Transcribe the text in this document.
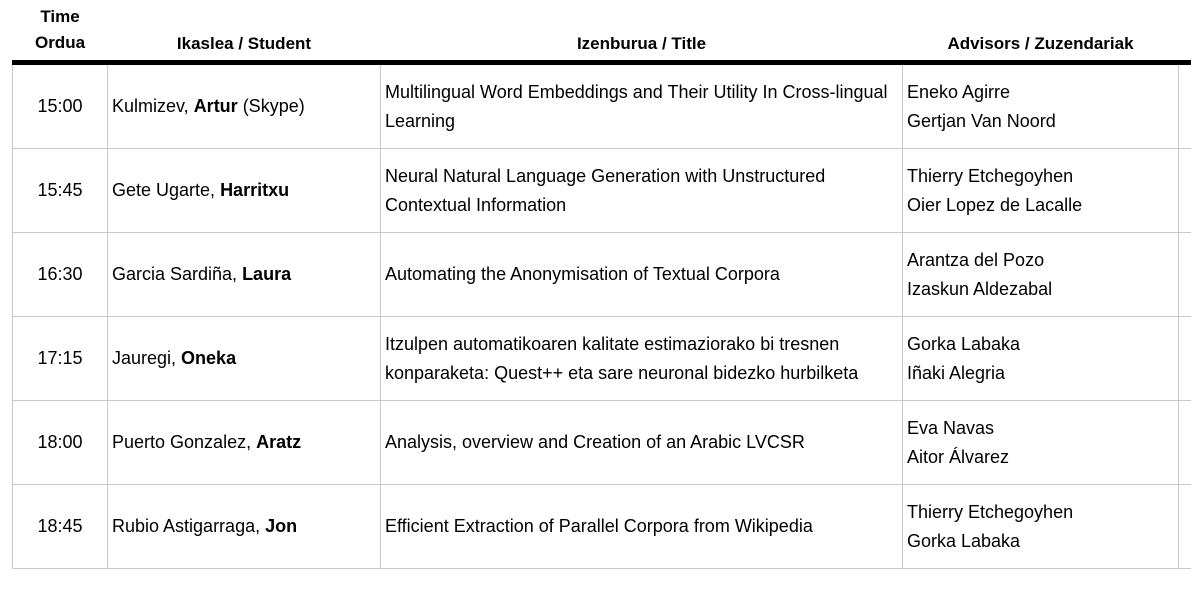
Time
Ordua	Ikaslea / Student	Izenburua / Title	Advisors / Zuzendariak	
15:00	Kulmizev, Artur (Skype)	Multilingual Word Embeddings and Their Utility In Cross-lingual Learning	Eneko Agirre
Gertjan Van Noord	

15:45	Gete Ugarte, Harritxu	Neural Natural Language Generation with Unstructured Contextual Information	Thierry Etchegoyhen
Oier Lopez de Lacalle	

16:30	Garcia Sardiña, Laura	Automating the Anonymisation of Textual Corpora	Arantza del Pozo
Izaskun Aldezabal	

17:15	Jauregi, Oneka	Itzulpen automatikoaren kalitate estimaziorako bi tresnen konparaketa: Quest++ eta sare neuronal bidezko hurbilketa	Gorka Labaka
Iñaki Alegria	

18:00	Puerto Gonzalez, Aratz	Analysis, overview and Creation of an Arabic LVCSR	Eva Navas
Aitor Álvarez	

18:45	Rubio Astigarraga, Jon	Efficient Extraction of Parallel Corpora from Wikipedia	Thierry Etchegoyhen
Gorka Labaka	
